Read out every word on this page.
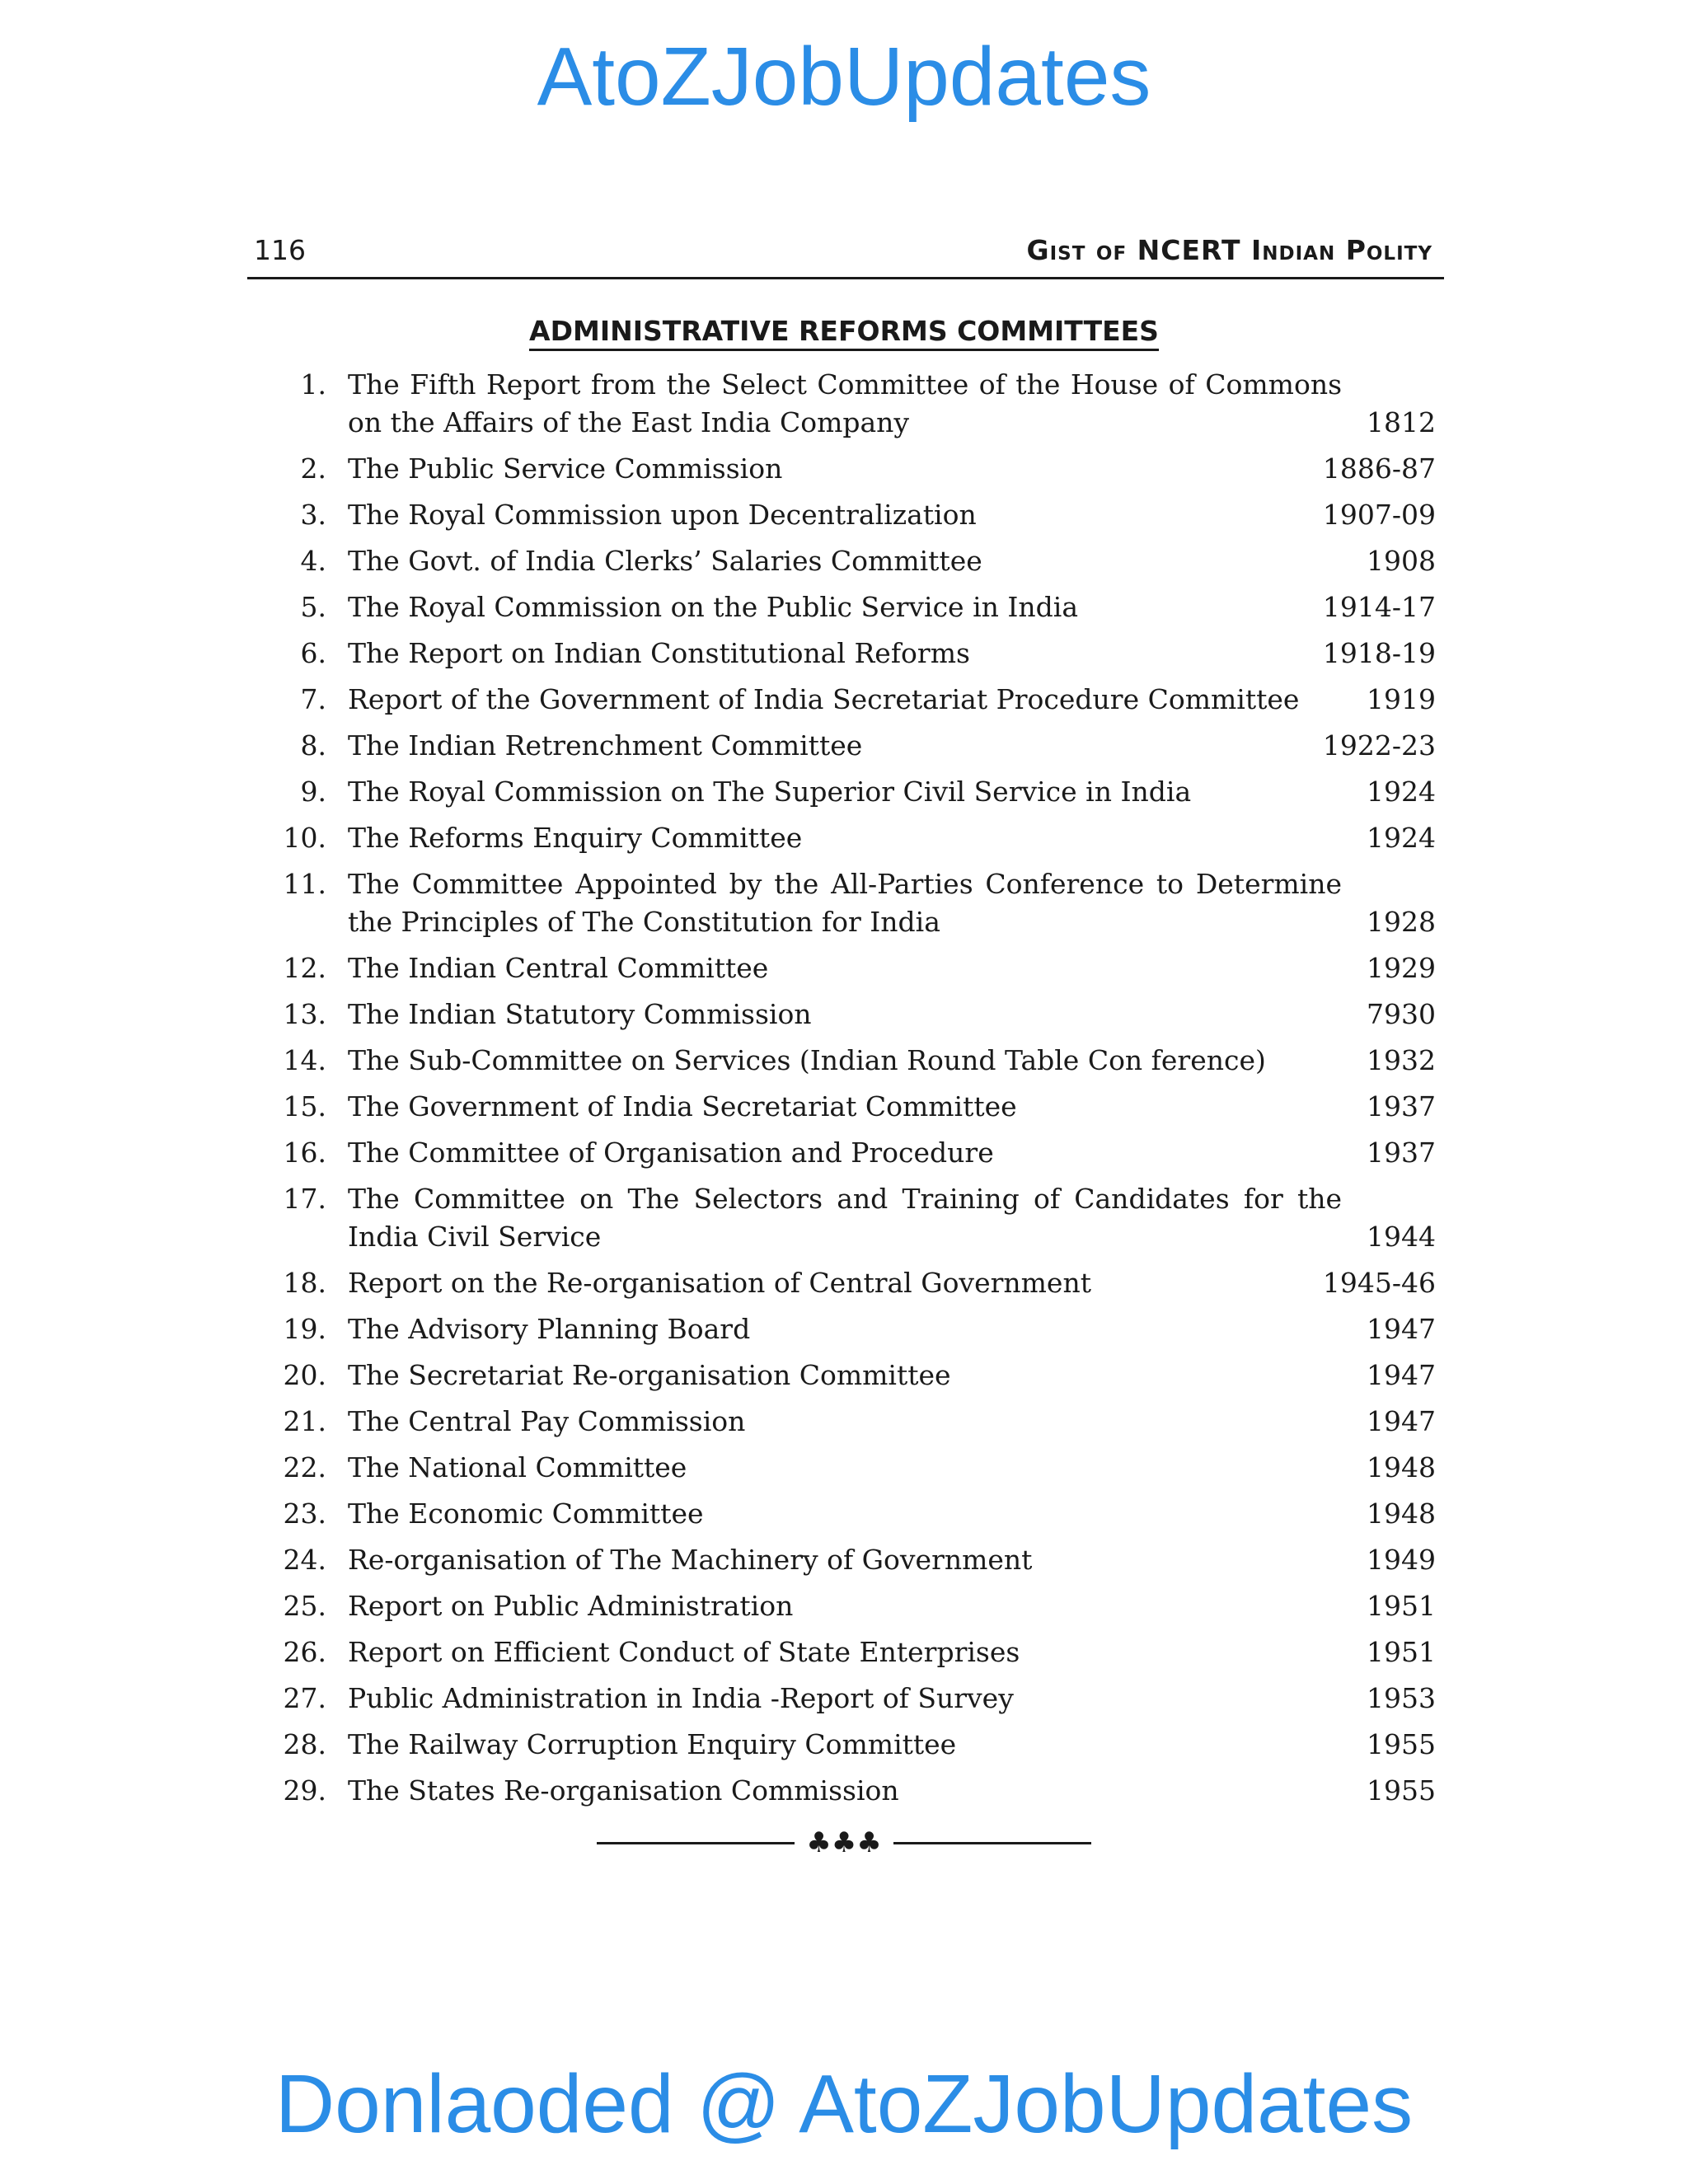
AtoZJobUpdates
116	Gist of NCERT Indian Polity
ADMINISTRATIVE REFORMS COMMITTEES
1. The Fifth Report from the Select Committee of the House of Commons on the Affairs of the East India Company	1812
2. The Public Service Commission	1886-87
3. The Royal Commission upon Decentralization	1907-09
4. The Govt. of India Clerks’ Salaries Committee	1908
5. The Royal Commission on the Public Service in India	1914-17
6. The Report on Indian Constitutional Reforms	1918-19
7. Report of the Government of India Secretariat Procedure Committee	1919
8. The Indian Retrenchment Committee	1922-23
9. The Royal Commission on The Superior Civil Service in India	1924
10. The Reforms Enquiry Committee	1924
11. The Committee Appointed by the All-Parties Conference to Determine the Principles of The Constitution for India	1928
12. The Indian Central Committee	1929
13. The Indian Statutory Commission	7930
14. The Sub-Committee on Services (Indian Round Table Con ference)	1932
15. The Government of India Secretariat Committee	1937
16. The Committee of Organisation and Procedure	1937
17. The Committee on The Selectors and Training of Candidates for the India Civil Service	1944
18. Report on the Re-organisation of Central Government	1945-46
19. The Advisory Planning Board	1947
20. The Secretariat Re-organisation Committee	1947
21. The Central Pay Commission	1947
22. The National Committee	1948
23. The Economic Committee	1948
24. Re-organisation of The Machinery of Government	1949
25. Report on Public Administration	1951
26. Report on Efficient Conduct of State Enterprises	1951
27. Public Administration in India -Report of Survey	1953
28. The Railway Corruption Enquiry Committee	1955
29. The States Re-organisation Commission	1955
♣♣♣
Donlaoded @ AtoZJobUpdates
